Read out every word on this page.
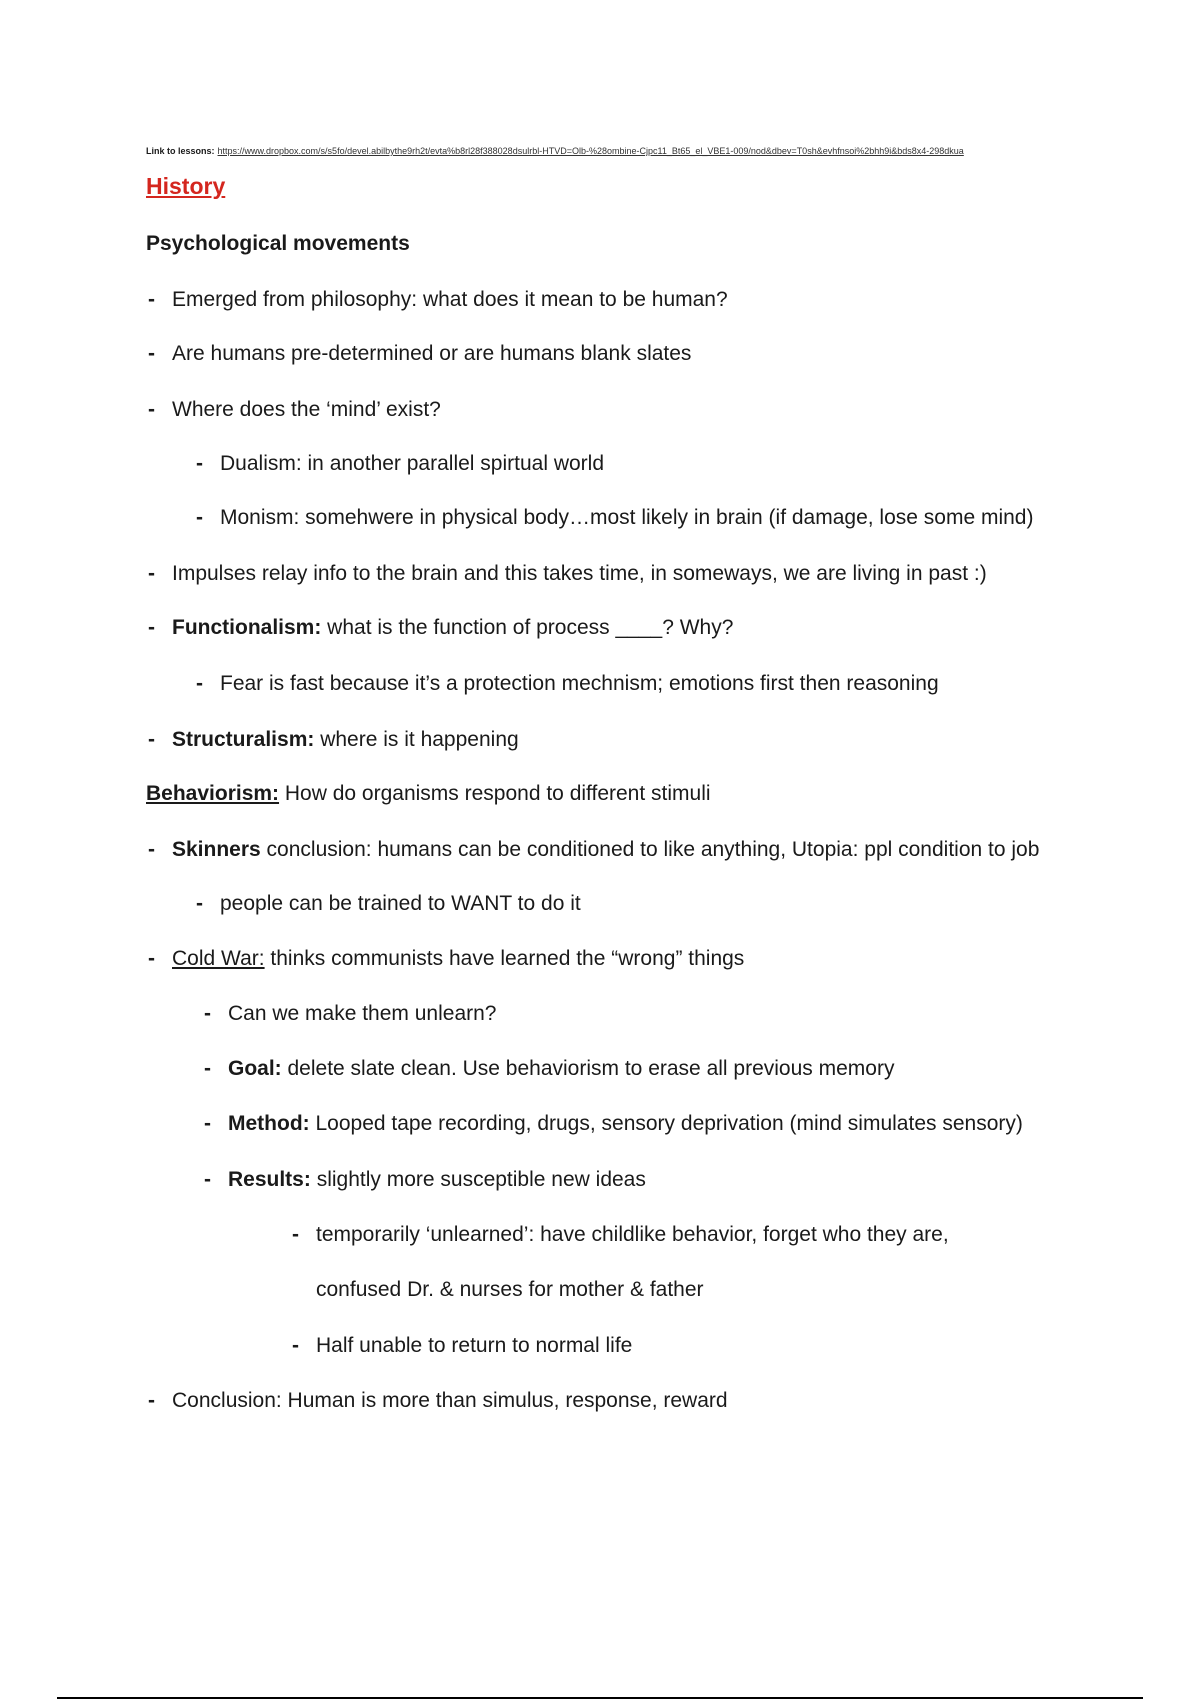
Link to lessons: https://www.dropbox.com/s/s5fo/devel.abilbythe9rh2t/evta%b8rl28f388028dsulrbl-HTVD=Olb-%28ombine-Cjpc11_Bt65_el_VBE1-009/nod&dbev=T0sh&evhfnsoi%2bhh9i&bds8x4-298dkua
History
Psychological movements
- Emerged from philosophy: what does it mean to be human?
- Are humans pre-determined or are humans blank slates
- Where does the ‘mind’ exist?
- Dualism: in another parallel spirtual world
- Monism: somehwere in physical body…most likely in brain (if damage, lose some mind)
- Impulses relay info to the brain and this takes time, in someways, we are living in past :)
- Functionalism: what is the function of process ____? Why?
- Fear is fast because it’s a protection mechnism; emotions first then reasoning
- Structuralism: where is it happening
Behaviorism: How do organisms respond to different stimuli
- Skinners conclusion: humans can be conditioned to like anything, Utopia: ppl condition to job
- people can be trained to WANT to do it
- Cold War: thinks communists have learned the “wrong” things
- Can we make them unlearn?
- Goal: delete slate clean. Use behaviorism to erase all previous memory
- Method: Looped tape recording, drugs, sensory deprivation (mind simulates sensory)
- Results: slightly more susceptible new ideas
- temporarily ‘unlearned’: have childlike behavior, forget who they are,
confused Dr. & nurses for mother & father
- Half unable to return to normal life
- Conclusion: Human is more than simulus, response, reward
